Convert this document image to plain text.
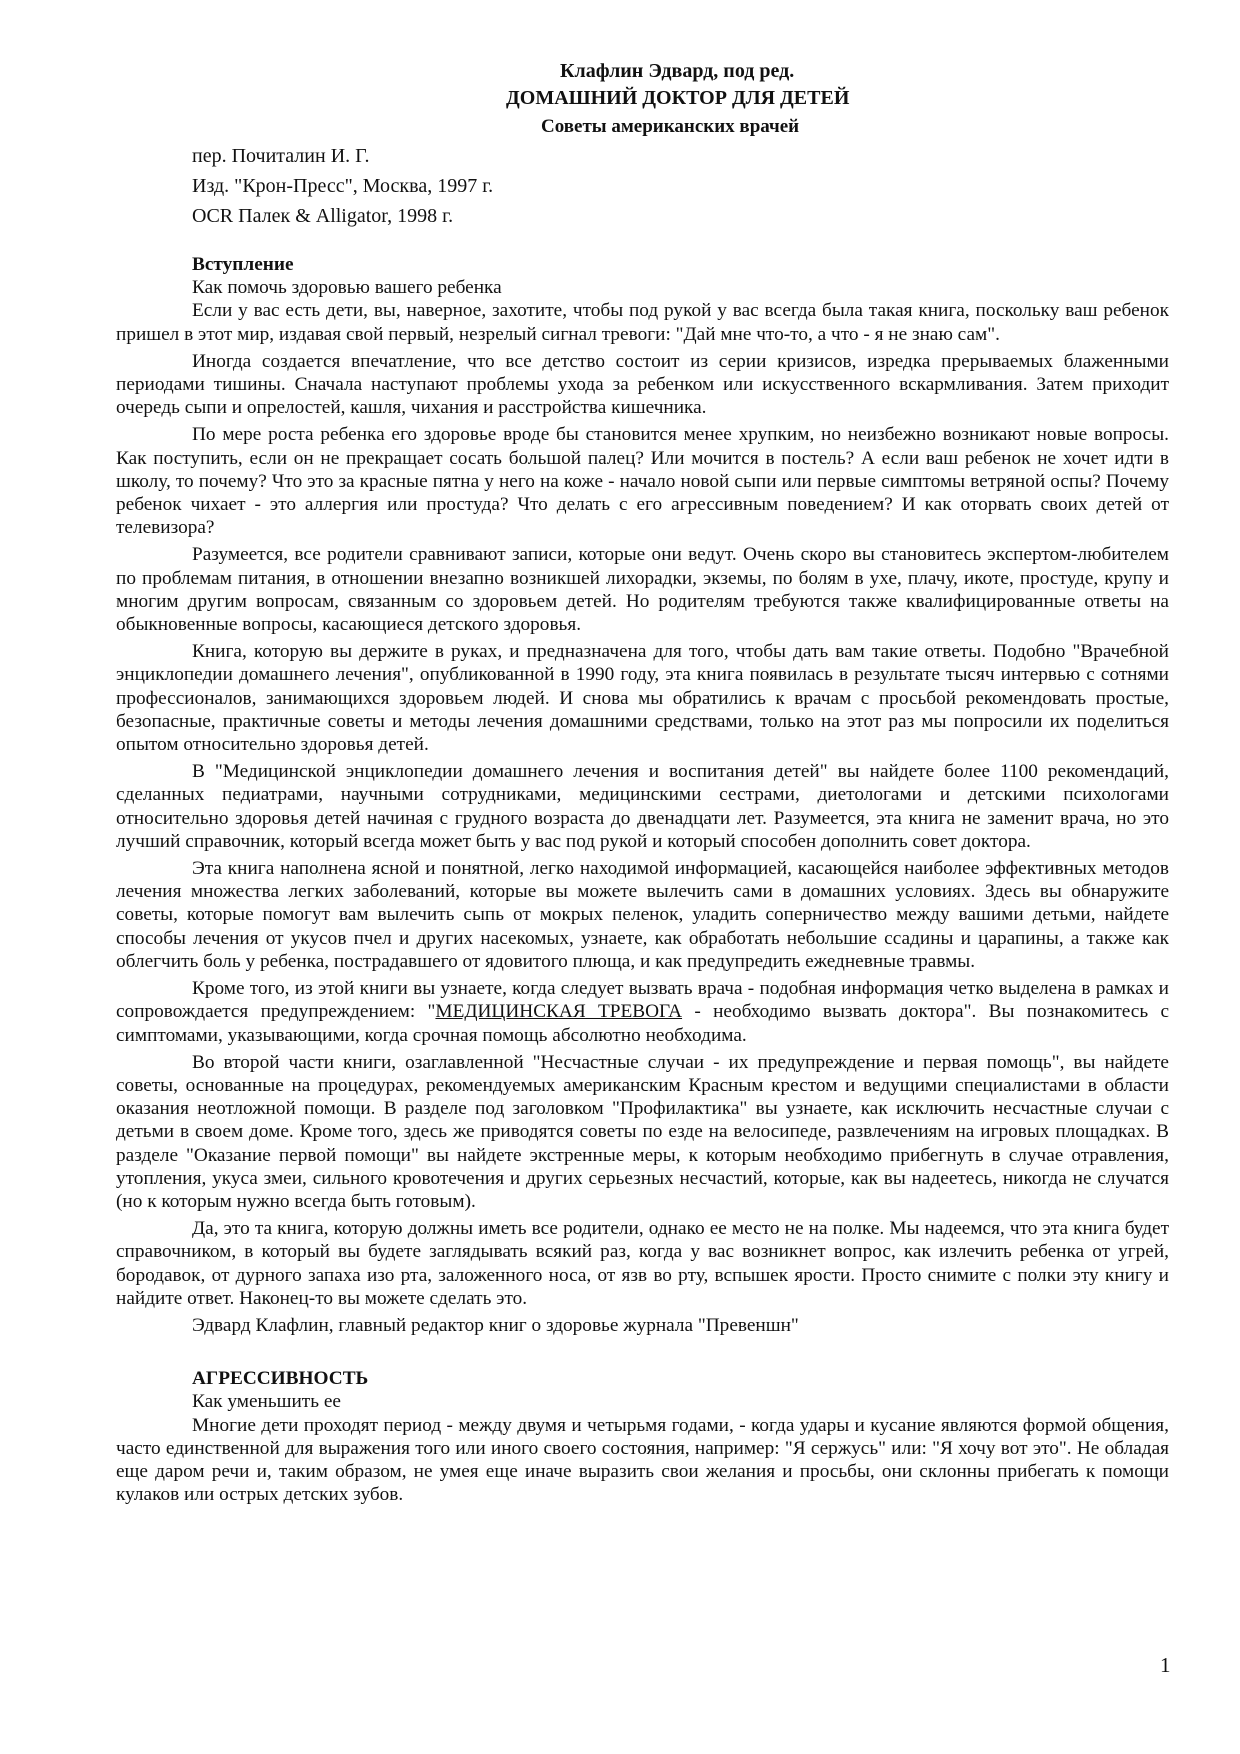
Клафлин Эдвард, под ред.
ДОМАШНИЙ ДОКТОР ДЛЯ ДЕТЕЙ
Советы американских врачей
пер. Почиталин И. Г.
Изд. "Крон-Пресс", Москва, 1997 г.
OCR Палек & Alligator, 1998 г.
Вступление
Как помочь здоровью вашего ребенка

Если у вас есть дети, вы, наверное, захотите, чтобы под рукой у вас всегда была такая книга, поскольку ваш ребенок пришел в этот мир, издавая свой первый, незрелый сигнал тревоги: "Дай мне что-то, а что - я не знаю сам".

Иногда создается впечатление, что все детство состоит из серии кризисов, изредка прерываемых блаженными периодами тишины. Сначала наступают проблемы ухода за ребенком или искусственного вскармливания. Затем приходит очередь сыпи и опрелостей, кашля, чихания и расстройства кишечника.

По мере роста ребенка его здоровье вроде бы становится менее хрупким, но неизбежно возникают новые вопросы. Как поступить, если он не прекращает сосать большой палец? Или мочится в постель? А если ваш ребенок не хочет идти в школу, то почему? Что это за красные пятна у него на коже - начало новой сыпи или первые симптомы ветряной оспы? Почему ребенок чихает - это аллергия или простуда? Что делать с его агрессивным поведением? И как оторвать своих детей от телевизора?

Разумеется, все родители сравнивают записи, которые они ведут. Очень скоро вы становитесь экспертом-любителем по проблемам питания, в отношении внезапно возникшей лихорадки, экземы, по болям в ухе, плачу, икоте, простуде, крупу и многим другим вопросам, связанным со здоровьем детей. Но родителям требуются также квалифицированные ответы на обыкновенные вопросы, касающиеся детского здоровья.

Книга, которую вы держите в руках, и предназначена для того, чтобы дать вам такие ответы. Подобно "Врачебной энциклопедии домашнего лечения", опубликованной в 1990 году, эта книга появилась в результате тысяч интервью с сотнями профессионалов, занимающихся здоровьем людей. И снова мы обратились к врачам с просьбой рекомендовать простые, безопасные, практичные советы и методы лечения домашними средствами, только на этот раз мы попросили их поделиться опытом относительно здоровья детей.

В "Медицинской энциклопедии домашнего лечения и воспитания детей" вы найдете более 1100 рекомендаций, сделанных педиатрами, научными сотрудниками, медицинскими сестрами, диетологами и детскими психологами относительно здоровья детей начиная с грудного возраста до двенадцати лет. Разумеется, эта книга не заменит врача, но это лучший справочник, который всегда может быть у вас под рукой и который способен дополнить совет доктора.

Эта книга наполнена ясной и понятной, легко находимой информацией, касающейся наиболее эффективных методов лечения множества легких заболеваний, которые вы можете вылечить сами в домашних условиях. Здесь вы обнаружите советы, которые помогут вам вылечить сыпь от мокрых пеленок, уладить соперничество между вашими детьми, найдете способы лечения от укусов пчел и других насекомых, узнаете, как обработать небольшие ссадины и царапины, а также как облегчить боль у ребенка, пострадавшего от ядовитого плюща, и как предупредить ежедневные травмы.

Кроме того, из этой книги вы узнаете, когда следует вызвать врача - подобная информация четко выделена в рамках и сопровождается предупреждением: "МЕДИЦИНСКАЯ ТРЕВОГА - необходимо вызвать доктора". Вы познакомитесь с симптомами, указывающими, когда срочная помощь абсолютно необходима.

Во второй части книги, озаглавленной "Несчастные случаи - их предупреждение и первая помощь", вы найдете советы, основанные на процедурах, рекомендуемых американским Красным крестом и ведущими специалистами в области оказания неотложной помощи. В разделе под заголовком "Профилактика" вы узнаете, как исключить несчастные случаи с детьми в своем доме. Кроме того, здесь же приводятся советы по езде на велосипеде, развлечениям на игровых площадках. В разделе "Оказание первой помощи" вы найдете экстренные меры, к которым необходимо прибегнуть в случае отравления, утопления, укуса змеи, сильного кровотечения и других серьезных несчастий, которые, как вы надеетесь, никогда не случатся (но к которым нужно всегда быть готовым).

Да, это та книга, которую должны иметь все родители, однако ее место не на полке. Мы надеемся, что эта книга будет справочником, в который вы будете заглядывать всякий раз, когда у вас возникнет вопрос, как излечить ребенка от угрей, бородавок, от дурного запаха изо рта, заложенного носа, от язв во рту, вспышек ярости. Просто снимите с полки эту книгу и найдите ответ. Наконец-то вы можете сделать это.

Эдвард Клафлин, главный редактор книг о здоровье журнала "Превеншн"
АГРЕССИВНОСТЬ
Как уменьшить ее

Многие дети проходят период - между двумя и четырьмя годами, - когда удары и кусание являются формой общения, часто единственной для выражения того или иного своего состояния, например: "Я сержусь" или: "Я хочу вот это". Не обладая еще даром речи и, таким образом, не умея еще иначе выразить свои желания и просьбы, они склонны прибегать к помощи кулаков или острых детских зубов.

1
